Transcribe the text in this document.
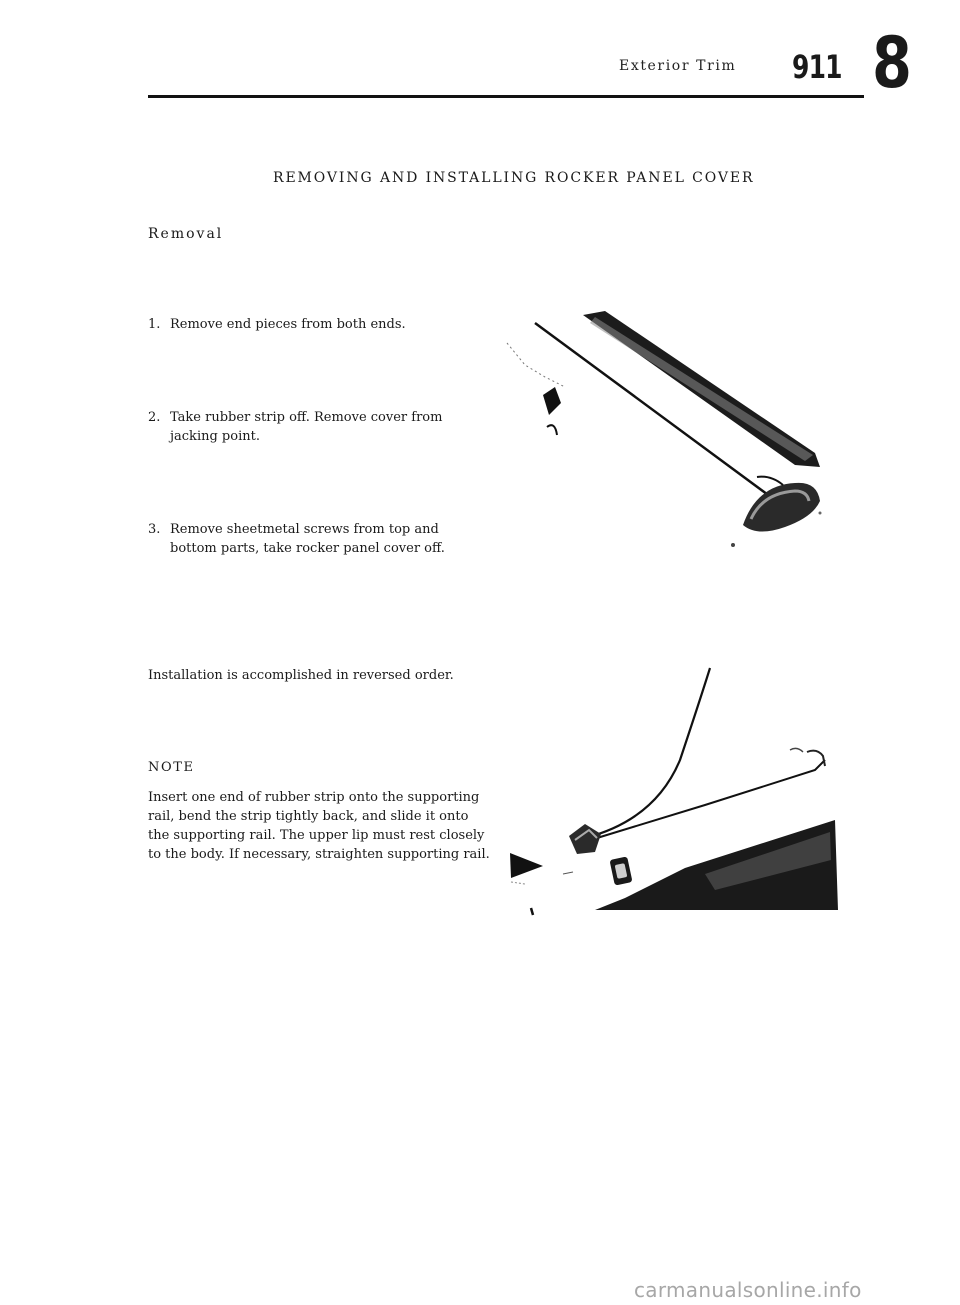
Exterior Trim 911 8
REMOVING AND INSTALLING ROCKER PANEL COVER
Removal
1. Remove end pieces from both ends.
2. Take rubber strip off. Remove cover from
jacking point.
3. Remove sheetmetal screws from top and
bottom parts, take rocker panel cover off.
Installation is accomplished in reversed order.
NOTE
Insert one end of rubber strip onto the supporting
rail, bend the strip tightly back, and slide it onto
the supporting rail. The upper lip must rest closely
to the body. If necessary, straighten supporting rail.
carmanualsonline.info
